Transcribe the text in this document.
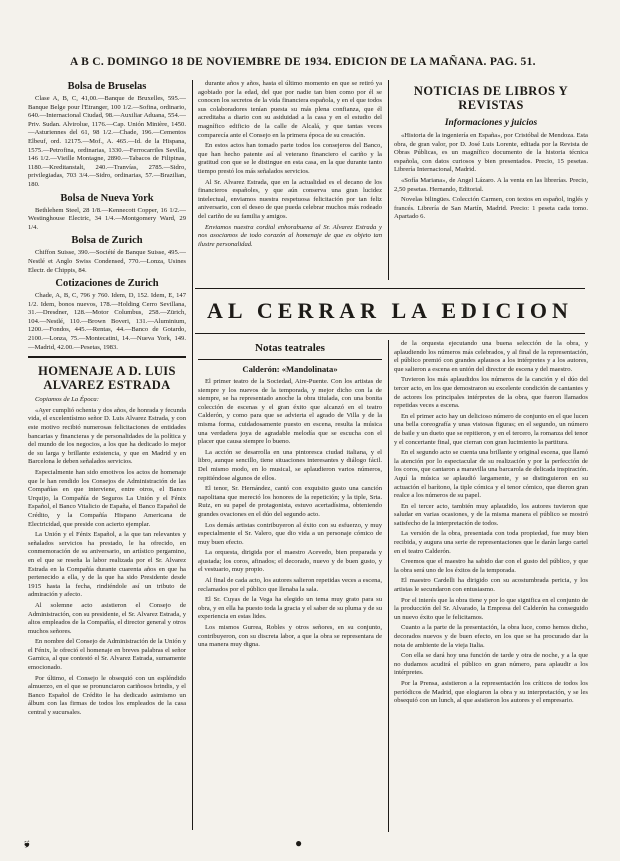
A B C. DOMINGO 18 DE NOVIEMBRE DE 1934. EDICION DE LA MAÑANA. PAG. 51.
Bolsa de Bruselas

Clase A, B, C, 41,00.—Banque de Bruxelles, 595.—Banque Belge pour l'Etranger, 100 1/2.—Sofina, ordinario, 640.—Internacional Ciudad, 98.—Auxiliar Aduana, 554.—Priv. Sudan. Alvirolue, 1176.—Cap. Unión Minière, 1450.—Asturiennes del 61, 98 1/2.—Chade, 196.—Cementos Elbeuf, ord. 12175.—Mof., A. 465.—Id. de la Hispana, 1575.—Petrofina, ordinarias, 1330.—Ferrocarriles Sevilla, 146 1/2.—Vieille Montagne, 2890.—Tabacos de Filipinas, 1180.—Kreditanstalt, 240.—Tranvías, 2785.—Sidro, privilegiadas, 703 3/4.—Sidro, ordinarias, 57.—Brazilian, 180.

Bolsa de Nueva York

Bethlehem Steel, 28 1/8.—Kennecott Copper, 16 1/2.—Westinghouse Electric, 34 1/4.—Montgomery Ward, 29 1/4.

Bolsa de Zurich

Chiffon Suisse, 390.—Société de Banque Suisse, 495.—Nestlé et Anglo Swiss Condensed, 770.—Lonza, Usines Electr. de Chippis, 84.

Cotizaciones de Zurich

Chade, A, B, C, 796 y 760. Idem, D, 152. Idem, E, 147 1/2. Idem, bonos nuevos, 178.—Holding Cerro Sevillana, 31.—Dresdner, 128.—Motor Columbus, 258.—Zürich, 104.—Nestlé, 110.—Brown Boveri, 131.—Aluminium, 1200.—Fondos, 445.—Rentas, 44.—Banco de Gotardo, 2100.—Lonza, 75.—Montecatini, 14.—Nueva York, 149.—Madrid, 42.00.—Pesetas, 1983.

HOMENAJE A D. LUIS ALVAREZ ESTRADA

Copiamos de La Época:

«Ayer cumplió ochenta y dos años, de honrada y fecunda vida, el excelentísimo señor D. Luis Alvarez Estrada, y con este motivo recibió numerosas felicitaciones de entidades bancarias y financieras y de personalidades de la política y del mundo de los negocios, a los que ha dedicado lo mejor de su larga y brillante existencia, y que en Madrid y en Barcelona le deben señalados servicios.

Especialmente han sido emotivos los actos de homenaje que le han rendido los Consejos de Administración de las Compañías en que interviene, entre otros, el Banco Urquijo, la Compañía de Seguros La Unión y el Fénix Español, el Banco Vitalicio de España, el Banco Español de Crédito, y la Compañía Hispano Americana de Electricidad, que preside con acierto ejemplar.

La Unión y el Fénix Español, a la que tan relevantes y señalados servicios ha prestado, le ha ofrecido, en conmemoración de su aniversario, un artístico pergamino, en el que se reseña la labor realizada por el Sr. Alvarez Estrada en la Compañía durante cuarenta años en que ha pertenecido a ella, y de la que ha sido Presidente desde 1915 hasta la fecha, rindiéndole así un tributo de admiración y afecto.

Al solemne acto asistieron el Consejo de Administración, con su presidente, el Sr. Alvarez Estrada, y altos empleados de la Compañía, el director general y otros muchos señores.

En nombre del Consejo de Administración de la Unión y el Fénix, le ofreció el homenaje en breves palabras el señor Garnica, al que contestó el Sr. Alvarez Estrada, sumamente emocionado.

Por último, el Consejo le obsequió con un espléndido almuerzo, en el que se pronunciaron cariñosos brindis, y el Banco Español de Crédito le ha dedicado asimismo un álbum con las firmas de todos los empleados de la casa central y sucursales.

durante años y años, hasta el último momento en que se retiró ya agobiado por la edad, del que por nadie tan bien como por él se conocen los secretos de la vida financiera española, y en el que todos sus colaboradores tenían puesta su más plena confianza, que él acreditaba a diario con su asiduidad a la casa y en el estudio del magnífico edificio de la calle de Alcalá, y que tantas veces comparecía ante el Consejo en la primera época de su creación.

En estos actos han tomado parte todos los consejeros del Banco, que han hecho patente así al veterano financiero el cariño y la gratitud con que se le distingue en esta casa, en la que durante tanto tiempo prestó los más señalados servicios.

Al Sr. Alvarez Estrada, que en la actualidad es el decano de los financieros españoles, y que aún conserva una gran lucidez intelectual, enviamos nuestra respetuosa felicitación por tan feliz aniversario, con el deseo de que pueda celebrar muchos más rodeado del cariño de su familia y amigos.

Enviamos nuestra cordial enhorabuena al Sr. Alvarez Estrada y nos asociamos de todo corazón al homenaje de que es objeto tan ilustre personalidad.

NOTICIAS DE LIBROS Y REVISTAS
Informaciones y juicios

«Historia de la ingeniería en España», por Cristóbal de Mendoza. Esta obra, de gran valor, por D. José Luis Lorente, editada por la Revista de Obras Públicas, es un magnífico documento de la historia técnica española, con datos curiosos y bien presentados. Precio, 15 pesetas. Librería Internacional, Madrid.

«Sofía Mariana», de Angel Lázaro. A la venta en las librerías. Precio, 2,50 pesetas. Hernando, Editorial.

Novelas bilingües. Colección Carmen, con textos en español, inglés y francés. Librería de San Martín, Madrid. Precio: 1 peseta cada tomo. Apartado 6.

AL CERRAR LA EDICION
Notas teatrales
Calderón: «Mandolinata»

El primer teatro de la Sociedad, Aire-Puente. Con los artistas de siempre y los nuevos de la temporada, y mejor dicho con la de siempre, se ha representado anoche la obra titulada, con una bonita colección de escenas y el gran éxito que alcanzó en el teatro Calderón, y como para que se advierta el agrado de Villa y de la misma forma, cuidadosamente puesto en escena, resulta la música una verdadera joya de agradable melodía que se escucha con el placer que causa siempre lo bueno.

La acción se desarrolla en una pintoresca ciudad italiana, y el libro, aunque sencillo, tiene situaciones interesantes y diálogo fácil. Del mismo modo, en lo musical, se aplaudieron varios números, repitiéndose algunos de ellos.

El tenor, Sr. Hernández, cantó con exquisito gusto una canción napolitana que mereció los honores de la repetición; y la tiple, Srta. Ruiz, en su papel de protagonista, estuvo acertadísima, obteniendo grandes ovaciones en el dúo del segundo acto.

Los demás artistas contribuyeron al éxito con su esfuerzo, y muy especialmente el Sr. Valero, que dio vida a un personaje cómico de muy buen efecto.

La orquesta, dirigida por el maestro Acevedo, bien preparada y ajustada; los coros, afinados; el decorado, nuevo y de buen gusto, y el vestuario, muy propio.

Al final de cada acto, los autores salieron repetidas veces a escena, reclamados por el público que llenaba la sala.

El Sr. Cuyas de la Vega ha elegido un tema muy grato para su obra, y en ella ha puesto toda la gracia y el saber de su pluma y de su experiencia en estas lides.

Los mismos Gurrea, Robles y otros señores, en su conjunto, contribuyeron, con su discreta labor, a que la obra se representara de una manera muy digna.

de la orquesta ejecutando una buena selección de la obra, y aplaudiendo los números más celebrados, y al final de la representación, el público premió con grandes aplausos a los intérpretes y a los autores, que salieron a escena en unión del director de escena y del maestro.

Tuvieron los más aplaudidos los números de la canción y el dúo del tercer acto, en los que demostraron su excelente condición de cantantes y de actores los principales intérpretes de la obra, que fueron llamados repetidas veces a escena.

En el primer acto hay un delicioso número de conjunto en el que lucen una bella coreografía y unas vistosas figuras; en el segundo, un número de baile y un dueto que se repitieron, y en el tercero, la romanza del tenor y el concertante final, que cierran con gran lucimiento la partitura.

En el segundo acto se cuenta una brillante y original escena, que llamó la atención por lo espectacular de su realización y por la perfección de los coros, que cantaron a maravilla una barcarola de delicada inspiración. Aquí la música se aplaudió largamente, y se distinguieron en su actuación el barítono, la tiple cómica y el tenor cómico, que dieron gran realce a los números de su papel.

En el tercer acto, también muy aplaudido, los autores tuvieron que saludar en varias ocasiones, y de la misma manera el público se mostró satisfecho de la interpretación de todos.

La versión de la obra, presentada con toda propiedad, fue muy bien recibida, y augura una serie de representaciones que le darán largo cartel en el teatro Calderón.

Creemos que el maestro ha sabido dar con el gusto del público, y que la obra será uno de los éxitos de la temporada.

El maestro Cardelli ha dirigido con su acostumbrada pericia, y los artistas le secundaron con entusiasmo.

Por el interés que la obra tiene y por lo que significa en el conjunto de la producción del Sr. Alvarado, la Empresa del Calderón ha conseguido un nuevo éxito que le felicitamos.

Cuanto a la parte de la presentación, la obra luce, como hemos dicho, decorados nuevos y de buen efecto, en los que se ha procurado dar la nota de ambiente de la vieja Italia.

Con ella se dará hoy una función de tarde y otra de noche, y a la que no dudamos acudirá el público en gran número, para aplaudir a los intérpretes.

Por la Prensa, asistieron a la representación los críticos de todos los periódicos de Madrid, que elogiaron la obra y su interpretación, y se les obsequió con un lunch, al que asistieron los autores y el empresario.

🙘	●
